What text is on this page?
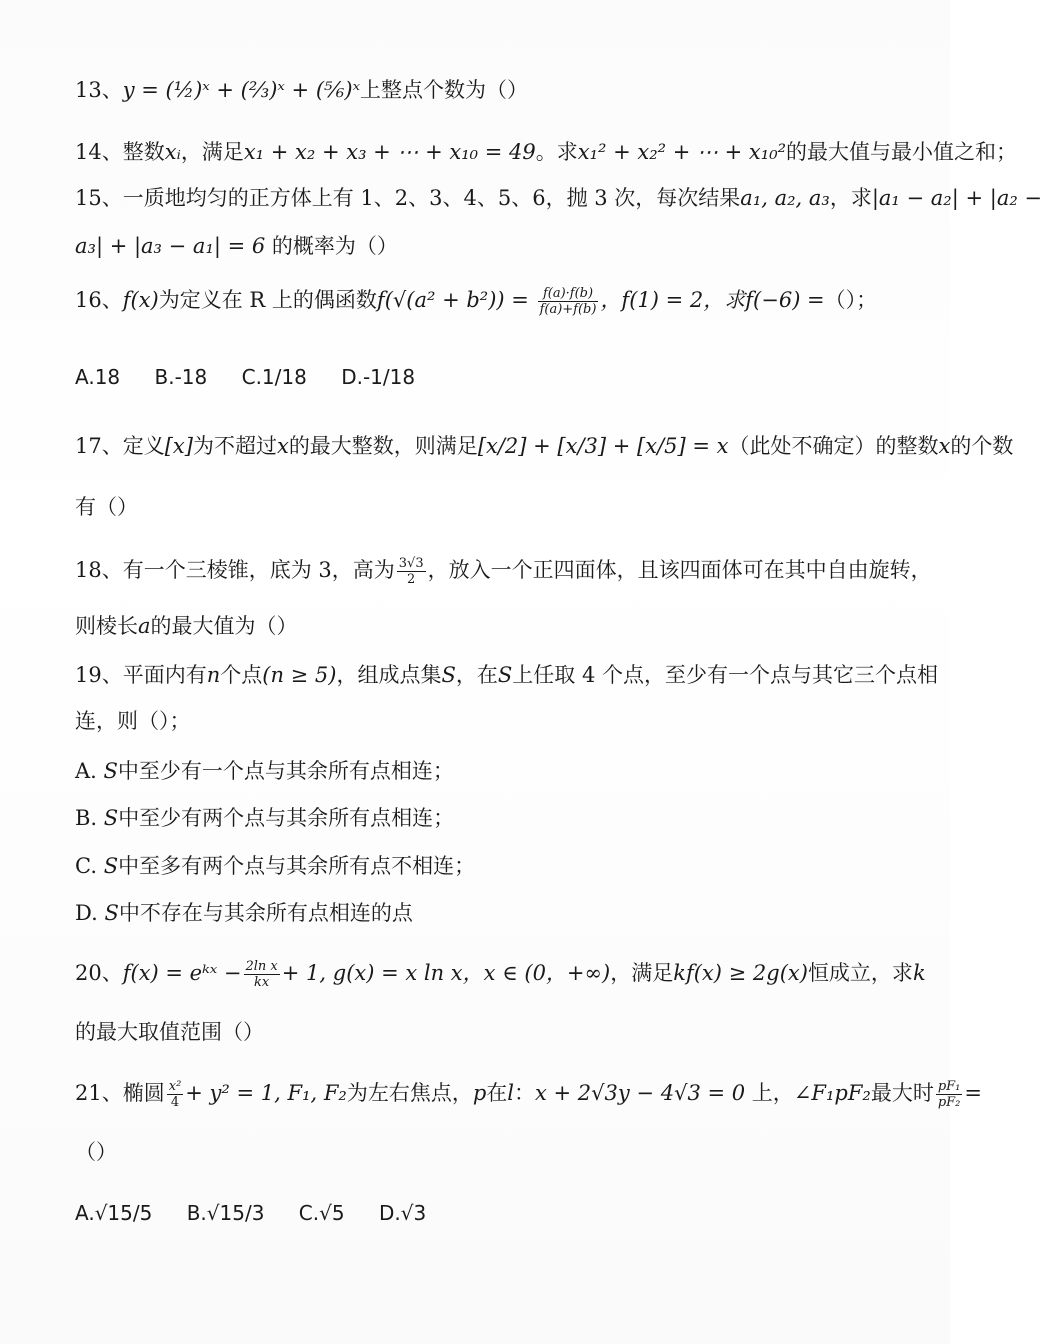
13、y = (½)ˣ + (⅔)ˣ + (⅚)ˣ上整点个数为（）
14、整数xᵢ，满足x₁ + x₂ + x₃ + ⋯ + x₁₀ = 49。求x₁² + x₂² + ⋯ + x₁₀²的最大值与最小值之和；
15、一质地均匀的正方体上有 1、2、3、4、5、6，抛 3 次，每次结果a₁, a₂, a₃，求|a₁ − a₂| + |a₂ −
a₃| + |a₃ − a₁| = 6 的概率为（）
16、f(x)为定义在 R 上的偶函数$f(√(a^2 + b^2)) = \frac{f(a)\cdot f(b)}{f(a)+f(b)}$ ，f(1) = 2，求f(−6) =（）；
A.18 B.-18 C.1/18 D.-1/18
17、定义[x]为不超过x的最大整数，则满足[x/2] + [x/3] + [x/5] = x（此处不确定）的整数x的个数
有（）
18、有一个三棱锥，底为 3，高为 $\frac{3√3}{2}$ ，放入一个正四面体，且该四面体可在其中自由旋转，
则棱长a的最大值为（）
19、平面内有n个点(n ≥ 5)，组成点集S，在S上任取 4 个点，至少有一个点与其它三个点相
连，则（）；
A. S中至少有一个点与其余所有点相连；
B. S中至少有两个点与其余所有点相连；
C. S中至多有两个点与其余所有点不相连；
D. S中不存在与其余所有点相连的点
20、f(x) = eᵏˣ − $\frac{\text{2ln x}}{kx} + 1$, g(x) = x ln x，x ∈ (0，+∞)，满足kf(x) ≥ 2g(x)恒成立，求k
的最大取值范围（）
21、椭圆 $\frac{\text{x²}}{4} + y^2 = 1$, F₁, F₂为左右焦点，p在l：x + 2√3y − 4√3 = 0 上，∠F₁pF₂最大时 $\frac{\text{pF₁}}{\text{pF₂}}$ =
（）
A.√15/5 B.√15/3 C.√5 D.√3
